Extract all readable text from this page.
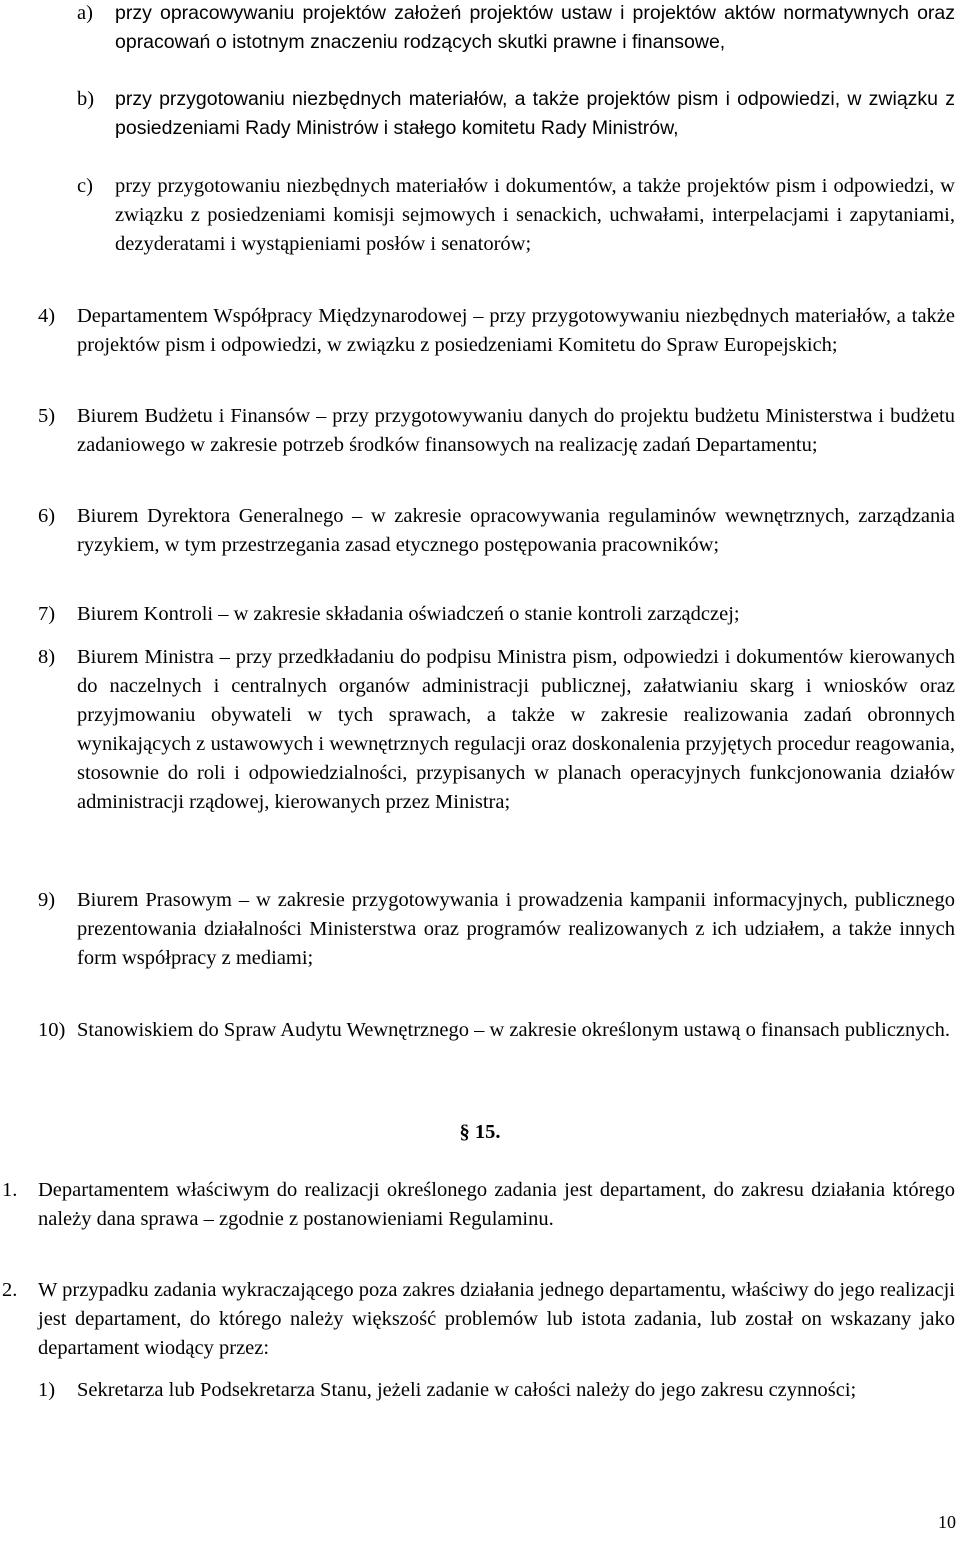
a) przy opracowywaniu projektów założeń projektów ustaw i projektów aktów normatywnych oraz opracowań o istotnym znaczeniu rodzących skutki prawne i finansowe,
b) przy przygotowaniu niezbędnych materiałów, a także projektów pism i odpowiedzi, w związku z posiedzeniami Rady Ministrów i stałego komitetu Rady Ministrów,
c) przy przygotowaniu niezbędnych materiałów i dokumentów, a także projektów pism i odpowiedzi, w związku z posiedzeniami komisji sejmowych i senackich, uchwałami, interpelacjami i zapytaniami, dezyderatami i wystąpieniami posłów i senatorów;
4) Departamentem Współpracy Międzynarodowej – przy przygotowywaniu niezbędnych materiałów, a także projektów pism i odpowiedzi, w związku z posiedzeniami Komitetu do Spraw Europejskich;
5) Biurem Budżetu i Finansów – przy przygotowywaniu danych do projektu budżetu Ministerstwa i budżetu zadaniowego w zakresie potrzeb środków finansowych na realizację zadań Departamentu;
6) Biurem Dyrektora Generalnego – w zakresie opracowywania regulaminów wewnętrznych, zarządzania ryzykiem, w tym przestrzegania zasad etycznego postępowania pracowników;
7) Biurem Kontroli – w zakresie składania oświadczeń o stanie kontroli zarządczej;
8) Biurem Ministra – przy przedkładaniu do podpisu Ministra pism, odpowiedzi i dokumentów kierowanych do naczelnych i centralnych organów administracji publicznej, załatwianiu skarg i wniosków oraz przyjmowaniu obywateli w tych sprawach, a także w zakresie realizowania zadań obronnych wynikających z ustawowych i wewnętrznych regulacji oraz doskonalenia przyjętych procedur reagowania, stosownie do roli i odpowiedzialności, przypisanych w planach operacyjnych funkcjonowania działów administracji rządowej, kierowanych przez Ministra;
9) Biurem Prasowym – w zakresie przygotowywania i prowadzenia kampanii informacyjnych, publicznego prezentowania działalności Ministerstwa oraz programów realizowanych z ich udziałem, a także innych form współpracy z mediami;
10) Stanowiskiem do Spraw Audytu Wewnętrznego – w zakresie określonym ustawą o finansach publicznych.
§ 15.
1. Departamentem właściwym do realizacji określonego zadania jest departament, do zakresu działania którego należy dana sprawa – zgodnie z postanowieniami Regulaminu.
2. W przypadku zadania wykraczającego poza zakres działania jednego departamentu, właściwy do jego realizacji jest departament, do którego należy większość problemów lub istota zadania, lub został on wskazany jako departament wiodący przez:
1) Sekretarza lub Podsekretarza Stanu, jeżeli zadanie w całości należy do jego zakresu czynności;
10
